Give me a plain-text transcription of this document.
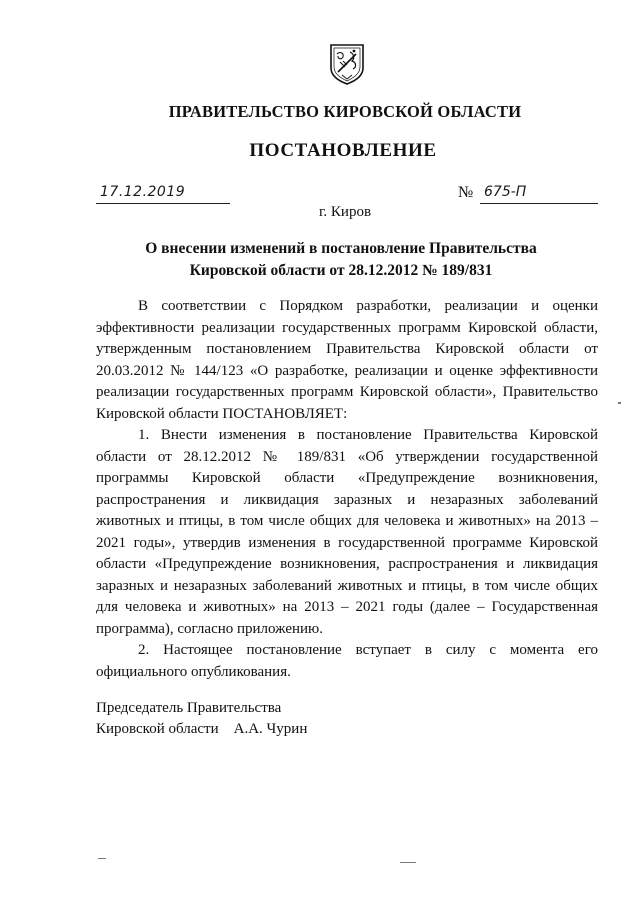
ПРАВИТЕЛЬСТВО КИРОВСКОЙ ОБЛАСТИ
ПОСТАНОВЛЕНИЕ
17.12.2019	№ 675-П
г. Киров
О внесении изменений в постановление Правительства
Кировской области от 28.12.2012 № 189/831

В соответствии с Порядком разработки, реализации и оценки эффективности реализации государственных программ Кировской области, утвержденным постановлением Правительства Кировской области от 20.03.2012 № 144/123 «О разработке, реализации и оценке эффективности реализации государственных программ Кировской области», Правительство Кировской области ПОСТАНОВЛЯЕТ:

1. Внести изменения в постановление Правительства Кировской области от 28.12.2012 № 189/831 «Об утверждении государственной программы Кировской области «Предупреждение возникновения, распространения и ликвидация заразных и незаразных заболеваний животных и птицы, в том числе общих для человека и животных» на 2013 – 2021 годы», утвердив изменения в государственной программе Кировской области «Предупреждение возникновения, распространения и ликвидация заразных и незаразных заболеваний животных и птицы, в том числе общих для человека и животных» на 2013 – 2021 годы (далее – Государственная программа), согласно приложению.

2. Настоящее постановление вступает в силу с момента его официального опубликования.

Председатель Правительства
Кировской области А.А. Чурин
